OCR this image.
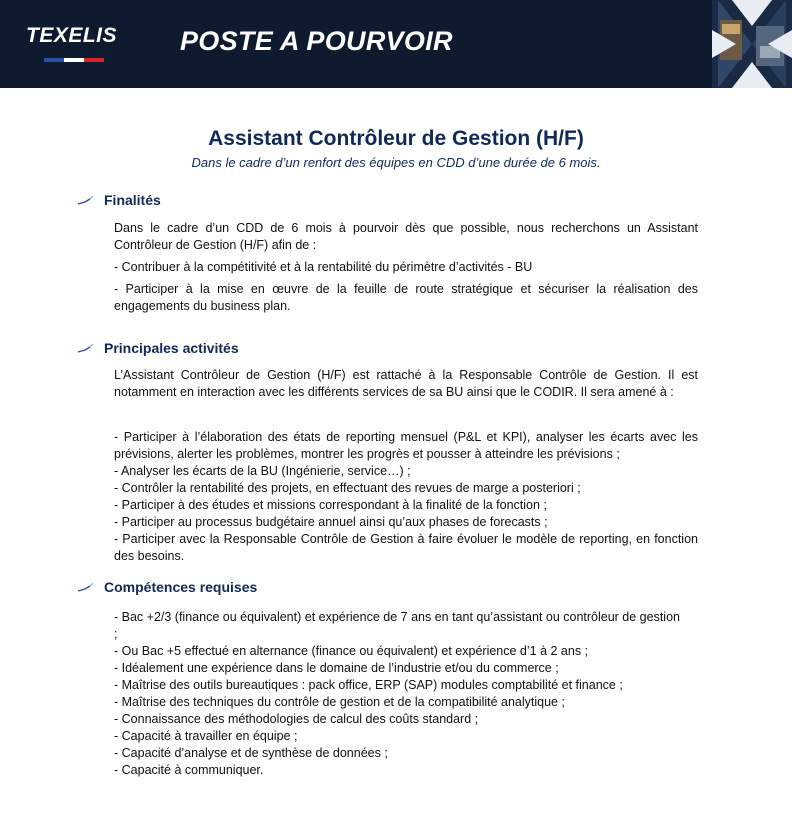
TEXELIS POSTE A POURVOIR
Assistant Contrôleur de Gestion (H/F)
Dans le cadre d’un renfort des équipes en CDD d’une durée de 6 mois.
Finalités

Dans le cadre d’un CDD de 6 mois à pourvoir dès que possible, nous recherchons un Assistant Contrôleur de Gestion (H/F) afin de :

- Contribuer à la compétitivité et à la rentabilité du périmètre d’activités - BU

- Participer à la mise en œuvre de la feuille de route stratégique et sécuriser la réalisation des engagements du business plan.

Principales activités
L’Assistant Contrôleur de Gestion (H/F) est rattaché à la Responsable Contrôle de Gestion. Il est notamment en interaction avec les différents services de sa BU ainsi que le CODIR. Il sera amené à :

- Participer à l’élaboration des états de reporting mensuel (P&L et KPI), analyser les écarts avec les prévisions, alerter les problèmes, montrer les progrès et pousser à atteindre les prévisions ;

- Analyser les écarts de la BU (Ingénierie, service…) ;

- Contrôler la rentabilité des projets, en effectuant des revues de marge a posteriori ;

- Participer à des études et missions correspondant à la finalité de la fonction ;

- Participer au processus budgétaire annuel ainsi qu’aux phases de forecasts ;

- Participer avec la Responsable Contrôle de Gestion à faire évoluer le modèle de reporting, en fonction des besoins.

Compétences requises

- Bac +2/3 (finance ou équivalent) et expérience de 7 ans en tant qu’assistant ou contrôleur de gestion ;

- Ou Bac +5 effectué en alternance (finance ou équivalent) et expérience d’1 à 2 ans ;

- Idéalement une expérience dans le domaine de l’industrie et/ou du commerce ;

- Maîtrise des outils bureautiques : pack office, ERP (SAP) modules comptabilité et finance ;

- Maîtrise des techniques du contrôle de gestion et de la compatibilité analytique ;

- Connaissance des méthodologies de calcul des coûts standard ;

- Capacité à travailler en équipe ;

- Capacité d’analyse et de synthèse de données ;

- Capacité à communiquer.
